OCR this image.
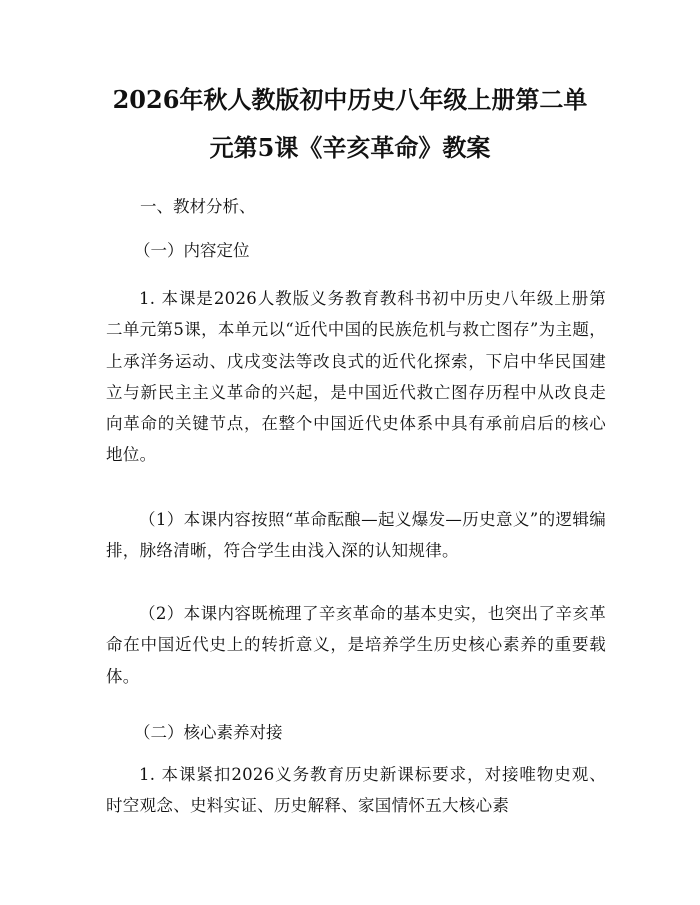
2026年秋人教版初中历史八年级上册第二单
元第5课《辛亥革命》教案
一、教材分析、
（一）内容定位
1. 本课是2026人教版义务教育教科书初中历史八年级上册第二单元第5课，本单元以“近代中国的民族危机与救亡图存”为主题，上承洋务运动、戊戌变法等改良式的近代化探索，下启中华民国建立与新民主主义革命的兴起，是中国近代救亡图存历程中从改良走向革命的关键节点，在整个中国近代史体系中具有承前启后的核心地位。
（1）本课内容按照“革命酝酿—起义爆发—历史意义”的逻辑编排，脉络清晰，符合学生由浅入深的认知规律。
（2）本课内容既梳理了辛亥革命的基本史实，也突出了辛亥革命在中国近代史上的转折意义，是培养学生历史核心素养的重要载体。
（二）核心素养对接
1. 本课紧扣2026义务教育历史新课标要求，对接唯物史观、时空观念、史料实证、历史解释、家国情怀五大核心素
